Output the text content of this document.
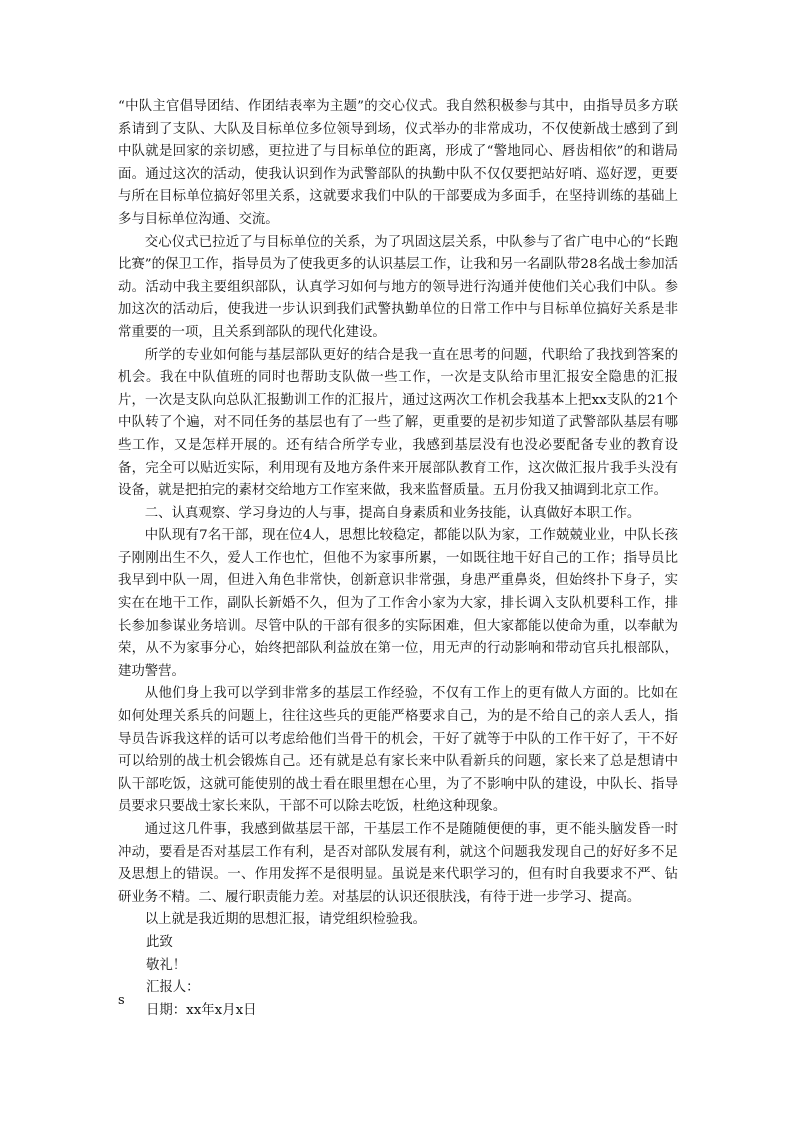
“中队主官倡导团结、作团结表率为主题”的交心仪式。我自然积极参与其中，由指导员多方联系请到了支队、大队及目标单位多位领导到场，仪式举办的非常成功，不仅使新战士感到了到中队就是回家的亲切感，更拉进了与目标单位的距离，形成了“警地同心、唇齿相依”的和谐局面。通过这次的活动，使我认识到作为武警部队的执勤中队不仅仅要把站好哨、巡好逻，更要与所在目标单位搞好邻里关系，这就要求我们中队的干部要成为多面手，在坚持训练的基础上多与目标单位沟通、交流。

交心仪式已拉近了与目标单位的关系，为了巩固这层关系，中队参与了省广电中心的“长跑比赛”的保卫工作，指导员为了使我更多的认识基层工作，让我和另一名副队带28名战士参加活动。活动中我主要组织部队，认真学习如何与地方的领导进行沟通并使他们关心我们中队。参加这次的活动后，使我进一步认识到我们武警执勤单位的日常工作中与目标单位搞好关系是非常重要的一项，且关系到部队的现代化建设。

所学的专业如何能与基层部队更好的结合是我一直在思考的问题，代职给了我找到答案的机会。我在中队值班的同时也帮助支队做一些工作，一次是支队给市里汇报安全隐患的汇报片，一次是支队向总队汇报勤训工作的汇报片，通过这两次工作机会我基本上把xx支队的21个中队转了个遍，对不同任务的基层也有了一些了解，更重要的是初步知道了武警部队基层有哪些工作，又是怎样开展的。还有结合所学专业，我感到基层没有也没必要配备专业的教育设备，完全可以贴近实际，利用现有及地方条件来开展部队教育工作，这次做汇报片我手头没有设备，就是把拍完的素材交给地方工作室来做，我来监督质量。五月份我又抽调到北京工作。

二、认真观察、学习身边的人与事，提高自身素质和业务技能，认真做好本职工作。

中队现有7名干部，现在位4人，思想比较稳定，都能以队为家，工作兢兢业业，中队长孩子刚刚出生不久，爱人工作也忙，但他不为家事所累，一如既往地干好自己的工作；指导员比我早到中队一周，但进入角色非常快，创新意识非常强，身患严重鼻炎，但始终扑下身子，实实在在地干工作，副队长新婚不久，但为了工作舍小家为大家，排长调入支队机要科工作，排长参加参谋业务培训。尽管中队的干部有很多的实际困难，但大家都能以使命为重，以奉献为荣，从不为家事分心，始终把部队利益放在第一位，用无声的行动影响和带动官兵扎根部队，建功警营。

从他们身上我可以学到非常多的基层工作经验，不仅有工作上的更有做人方面的。比如在如何处理关系兵的问题上，往往这些兵的更能严格要求自己，为的是不给自己的亲人丢人，指导员告诉我这样的话可以考虑给他们当骨干的机会，干好了就等于中队的工作干好了，干不好可以给别的战士机会锻炼自己。还有就是总有家长来中队看新兵的问题，家长来了总是想请中队干部吃饭，这就可能使别的战士看在眼里想在心里，为了不影响中队的建设，中队长、指导员要求只要战士家长来队，干部不可以除去吃饭，杜绝这种现象。

通过这几件事，我感到做基层干部，干基层工作不是随随便便的事，更不能头脑发昏一时冲动，要看是否对基层工作有利，是否对部队发展有利，就这个问题我发现自己的好好多不足及思想上的错误。一、作用发挥不是很明显。虽说是来代职学习的，但有时自我要求不严、钻研业务不精。二、履行职责能力差。对基层的认识还很肤浅，有待于进一步学习、提高。

以上就是我近期的思想汇报，请党组织检验我。

此致

敬礼！

汇报人：

日期：xx年x月x日

s
